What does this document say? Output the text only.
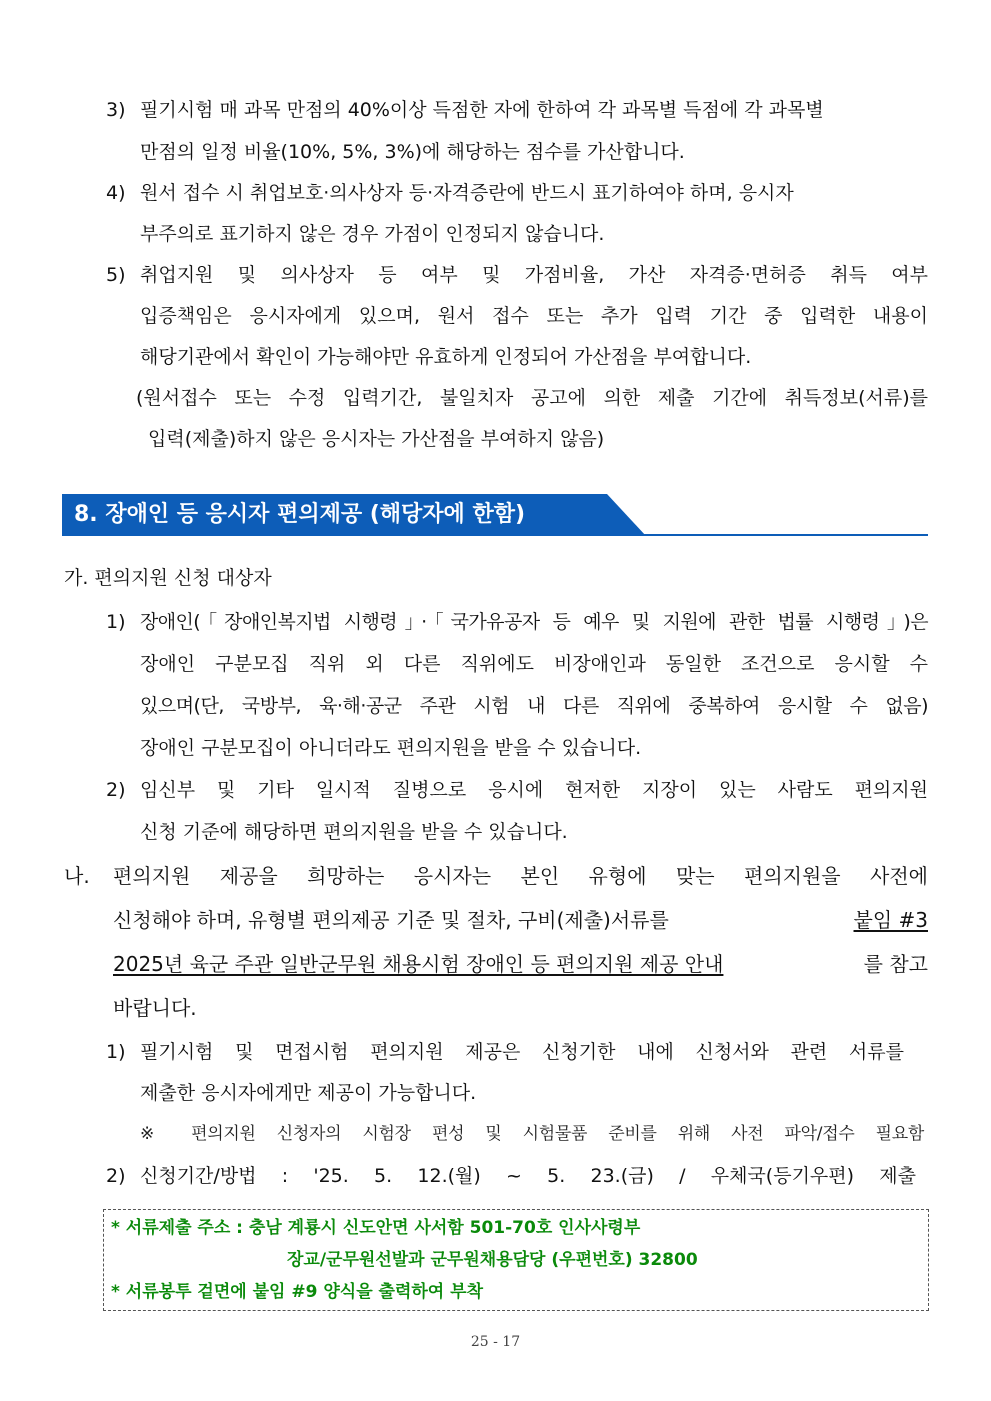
3) 필기시험 매 과목 만점의 40%이상 득점한 자에 한하여 각 과목별 득점에 각 과목별
만점의 일정 비율(10%, 5%, 3%)에 해당하는 점수를 가산합니다.
4) 원서 접수 시 취업보호·의사상자 등·자격증란에 반드시 표기하여야 하며, 응시자
부주의로 표기하지 않은 경우 가점이 인정되지 않습니다.
5) 취업지원 및 의사상자 등 여부 및 가점비율, 가산 자격증·면허증 취득 여부
입증책임은 응시자에게 있으며, 원서 접수 또는 추가 입력 기간 중 입력한 내용이
해당기관에서 확인이 가능해야만 유효하게 인정되어 가산점을 부여합니다.
(원서접수 또는 수정 입력기간, 불일치자 공고에 의한 제출 기간에 취득정보(서류)를
입력(제출)하지 않은 응시자는 가산점을 부여하지 않음)
8. 장애인 등 응시자 편의제공 (해당자에 한함)
가. 편의지원 신청 대상자
1) 장애인(「장애인복지법 시행령」·「국가유공자 등 예우 및 지원에 관한 법률 시행령」)은
장애인 구분모집 직위 외 다른 직위에도 비장애인과 동일한 조건으로 응시할 수
있으며(단, 국방부, 육·해·공군 주관 시험 내 다른 직위에 중복하여 응시할 수 없음)
장애인 구분모집이 아니더라도 편의지원을 받을 수 있습니다.
2) 임신부 및 기타 일시적 질병으로 응시에 현저한 지장이 있는 사람도 편의지원
신청 기준에 해당하면 편의지원을 받을 수 있습니다.
나. 편의지원 제공을 희망하는 응시자는 본인 유형에 맞는 편의지원을 사전에
신청해야 하며, 유형별 편의제공 기준 및 절차, 구비(제출)서류를	붙임 #3
2025년 육군 주관 일반군무원 채용시험 장애인 등 편의지원 제공 안내	를 참고
바랍니다.
1) 필기시험 및 면접시험 편의지원 제공은 신청기한 내에 신청서와 관련 서류를
제출한 응시자에게만 제공이 가능합니다.
※ 편의지원 신청자의 시험장 편성 및 시험물품 준비를 위해 사전 파악/접수 필요함
2) 신청기간/방법 : '25. 5. 12.(월) ~ 5. 23.(금) / 우체국(등기우편) 제출
* 서류제출 주소 : 충남 계룡시 신도안면 사서함 501-70호 인사사령부
장교/군무원선발과 군무원채용담당 (우편번호) 32800
* 서류봉투 겉면에 붙임 #9 양식을 출력하여 부착
25 - 17
